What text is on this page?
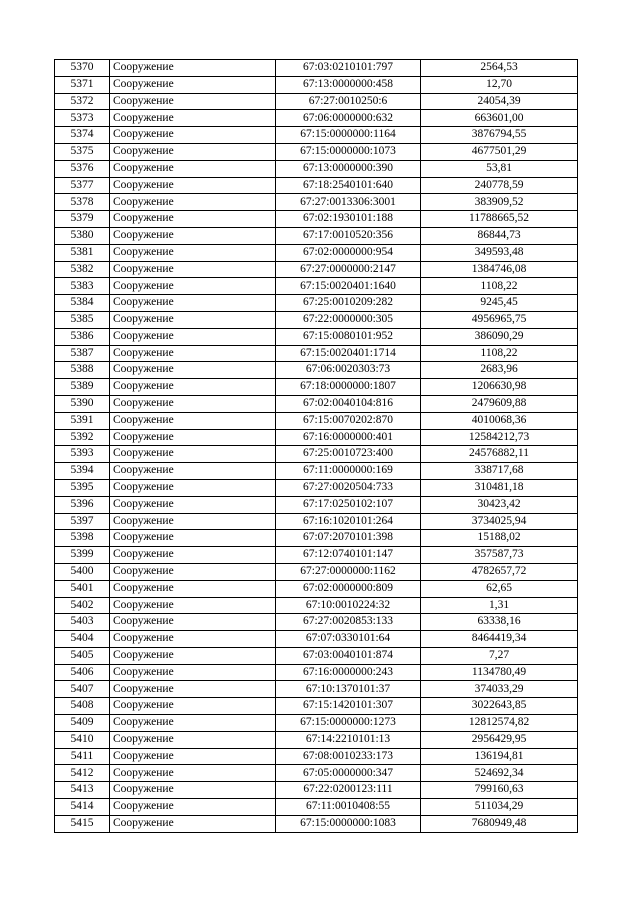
5370	Сооружение	67:03:0210101:797	2564,53
5371	Сооружение	67:13:0000000:458	12,70
5372	Сооружение	67:27:0010250:6	24054,39
5373	Сооружение	67:06:0000000:632	663601,00
5374	Сооружение	67:15:0000000:1164	3876794,55
5375	Сооружение	67:15:0000000:1073	4677501,29
5376	Сооружение	67:13:0000000:390	53,81
5377	Сооружение	67:18:2540101:640	240778,59
5378	Сооружение	67:27:0013306:3001	383909,52
5379	Сооружение	67:02:1930101:188	11788665,52
5380	Сооружение	67:17:0010520:356	86844,73
5381	Сооружение	67:02:0000000:954	349593,48
5382	Сооружение	67:27:0000000:2147	1384746,08
5383	Сооружение	67:15:0020401:1640	1108,22
5384	Сооружение	67:25:0010209:282	9245,45
5385	Сооружение	67:22:0000000:305	4956965,75
5386	Сооружение	67:15:0080101:952	386090,29
5387	Сооружение	67:15:0020401:1714	1108,22
5388	Сооружение	67:06:0020303:73	2683,96
5389	Сооружение	67:18:0000000:1807	1206630,98
5390	Сооружение	67:02:0040104:816	2479609,88
5391	Сооружение	67:15:0070202:870	4010068,36
5392	Сооружение	67:16:0000000:401	12584212,73
5393	Сооружение	67:25:0010723:400	24576882,11
5394	Сооружение	67:11:0000000:169	338717,68
5395	Сооружение	67:27:0020504:733	310481,18
5396	Сооружение	67:17:0250102:107	30423,42
5397	Сооружение	67:16:1020101:264	3734025,94
5398	Сооружение	67:07:2070101:398	15188,02
5399	Сооружение	67:12:0740101:147	357587,73
5400	Сооружение	67:27:0000000:1162	4782657,72
5401	Сооружение	67:02:0000000:809	62,65
5402	Сооружение	67:10:0010224:32	1,31
5403	Сооружение	67:27:0020853:133	63338,16
5404	Сооружение	67:07:0330101:64	8464419,34
5405	Сооружение	67:03:0040101:874	7,27
5406	Сооружение	67:16:0000000:243	1134780,49
5407	Сооружение	67:10:1370101:37	374033,29
5408	Сооружение	67:15:1420101:307	3022643,85
5409	Сооружение	67:15:0000000:1273	12812574,82
5410	Сооружение	67:14:2210101:13	2956429,95
5411	Сооружение	67:08:0010233:173	136194,81
5412	Сооружение	67:05:0000000:347	524692,34
5413	Сооружение	67:22:0200123:111	799160,63
5414	Сооружение	67:11:0010408:55	511034,29
5415	Сооружение	67:15:0000000:1083	7680949,48
